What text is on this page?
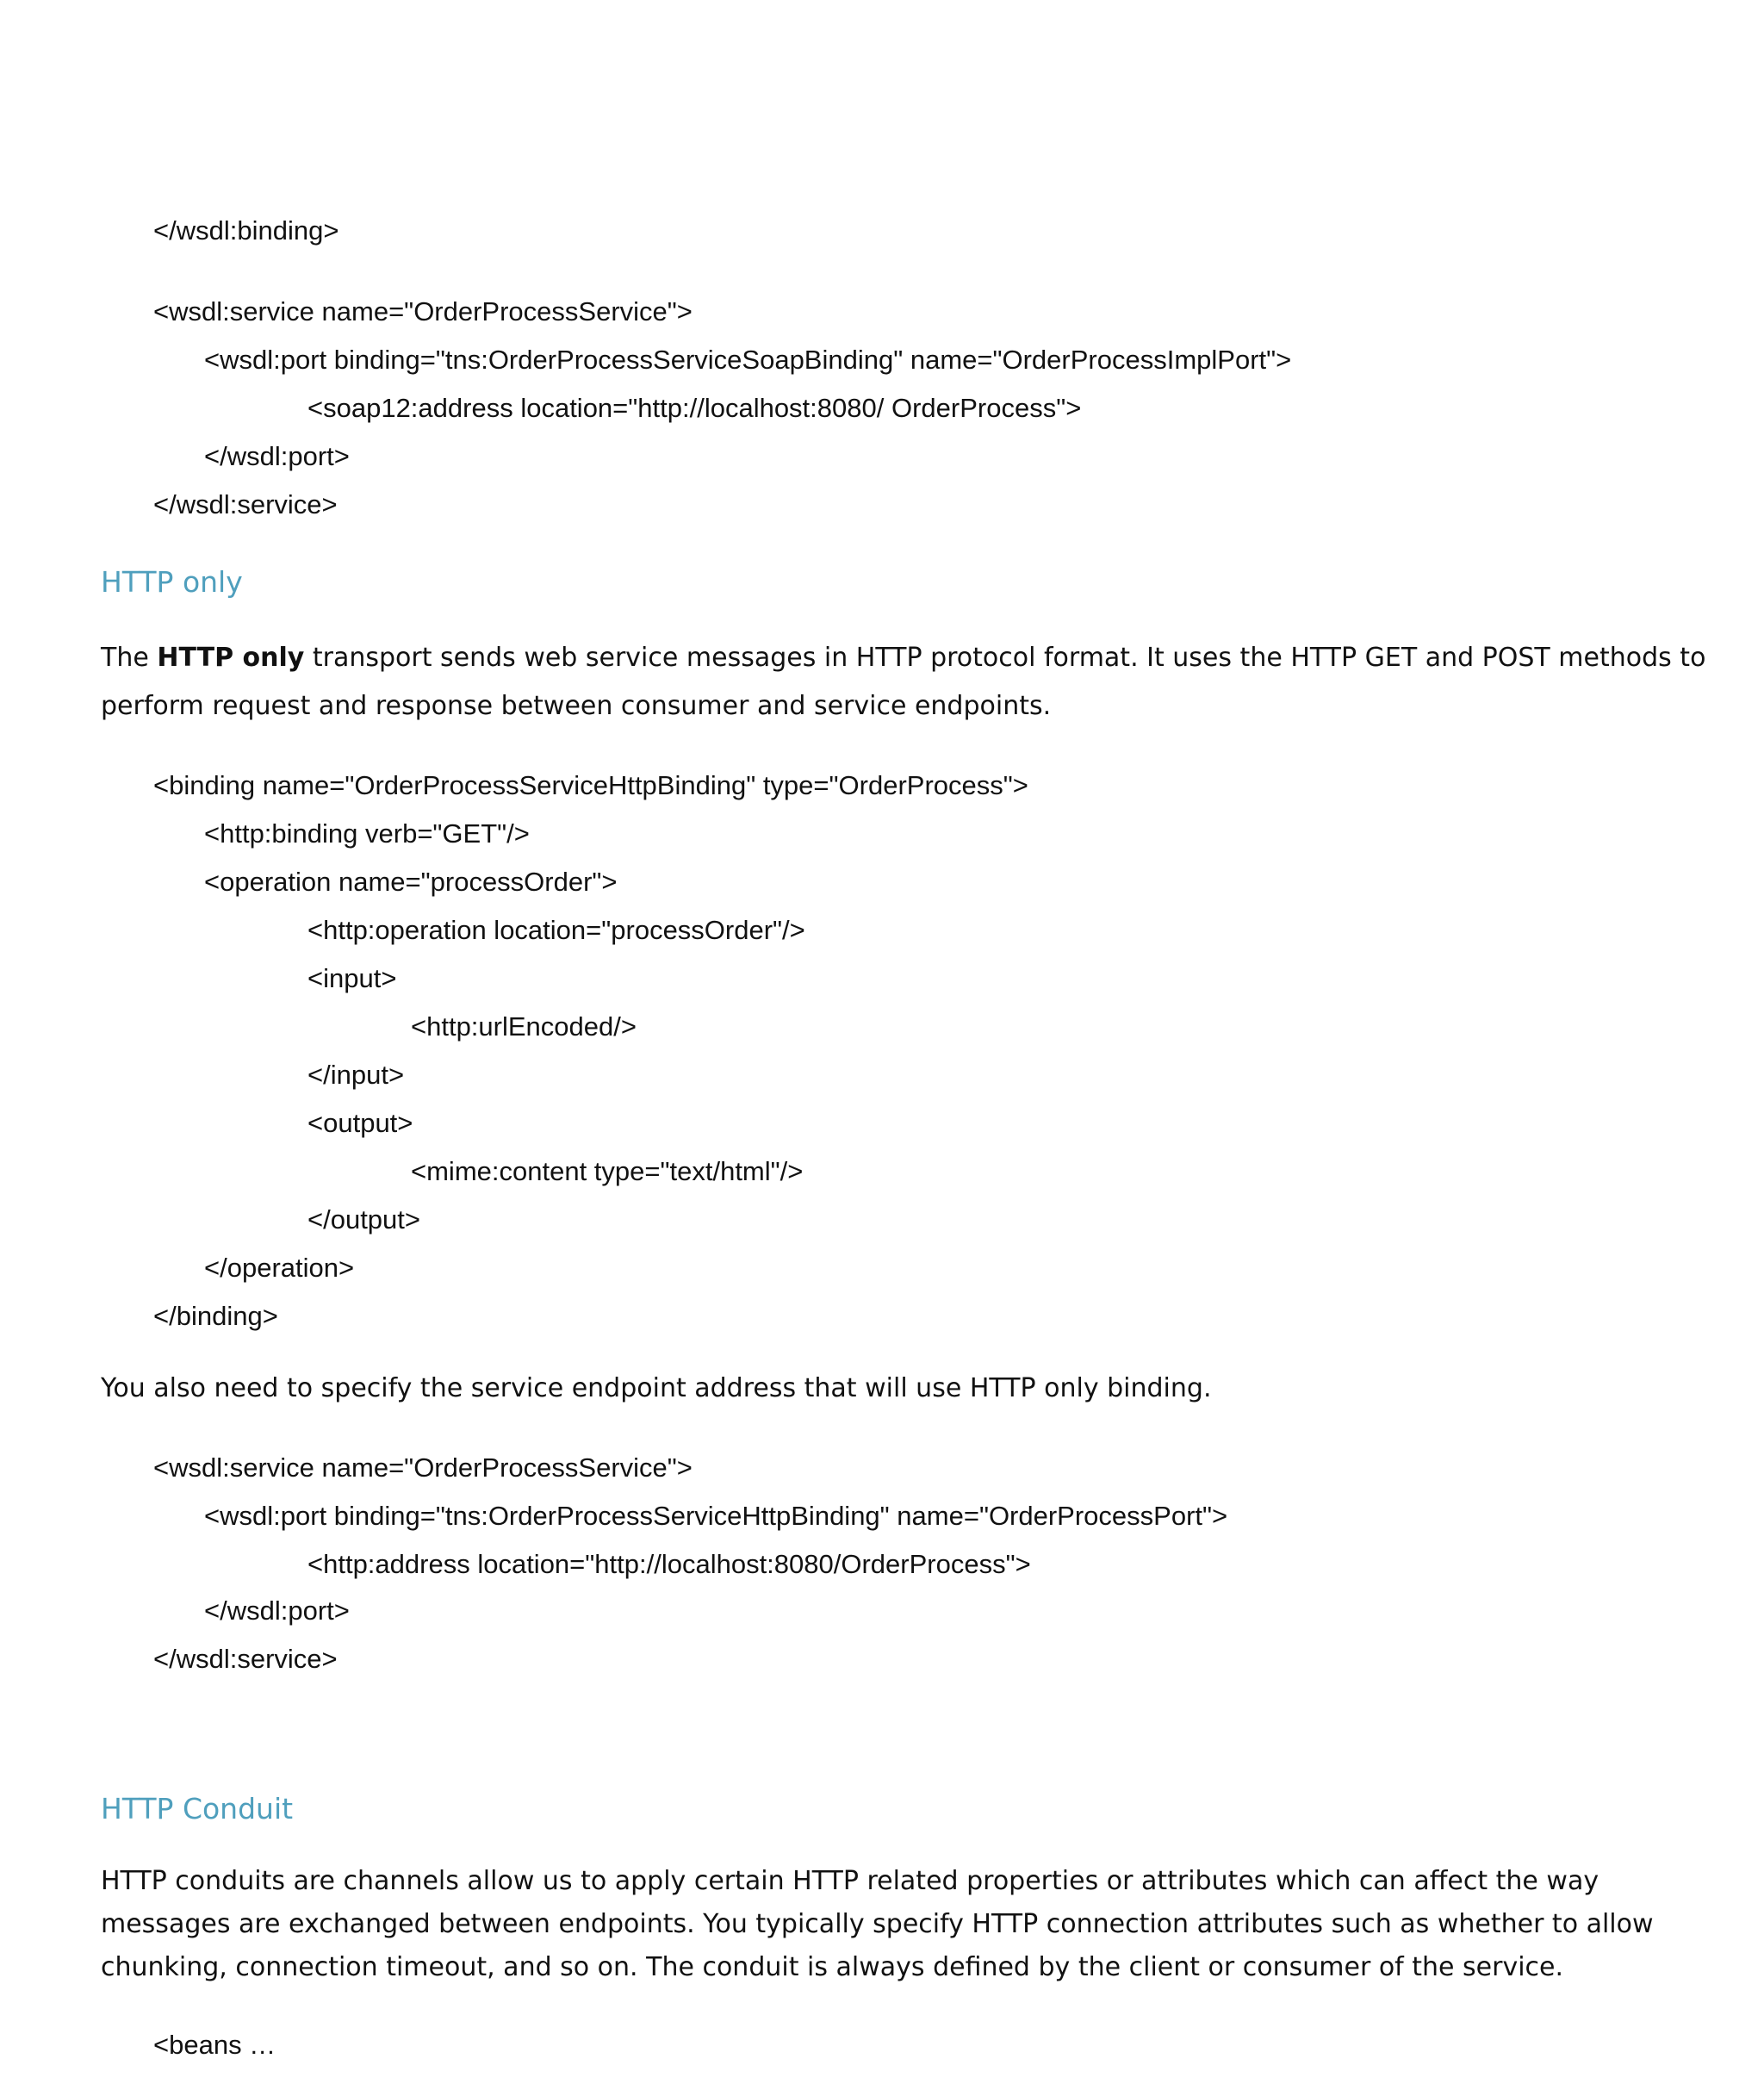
</wsdl:binding>
<wsdl:service name="OrderProcessService">
<wsdl:port binding="tns:OrderProcessServiceSoapBinding" name="OrderProcessImplPort">
<soap12:address location="http://localhost:8080/ OrderProcess">
</wsdl:port>
</wsdl:service>
HTTP only
The HTTP only transport sends web service messages in HTTP protocol format. It uses the HTTP GET and POST methods to
perform request and response between consumer and service endpoints.
<binding name="OrderProcessServiceHttpBinding" type="OrderProcess">
<http:binding verb="GET"/>
<operation name="processOrder">
<http:operation location="processOrder"/>
<input>
<http:urlEncoded/>
</input>
<output>
<mime:content type="text/html"/>
</output>
</operation>
</binding>
You also need to specify the service endpoint address that will use HTTP only binding.
<wsdl:service name="OrderProcessService">
<wsdl:port binding="tns:OrderProcessServiceHttpBinding" name="OrderProcessPort">
<http:address location="http://localhost:8080/OrderProcess">
</wsdl:port>
</wsdl:service>
HTTP Conduit
HTTP conduits are channels allow us to apply certain HTTP related properties or attributes which can affect the way
messages are exchanged between endpoints. You typically specify HTTP connection attributes such as whether to allow
chunking, connection timeout, and so on. The conduit is always defined by the client or consumer of the service.
<beans …
